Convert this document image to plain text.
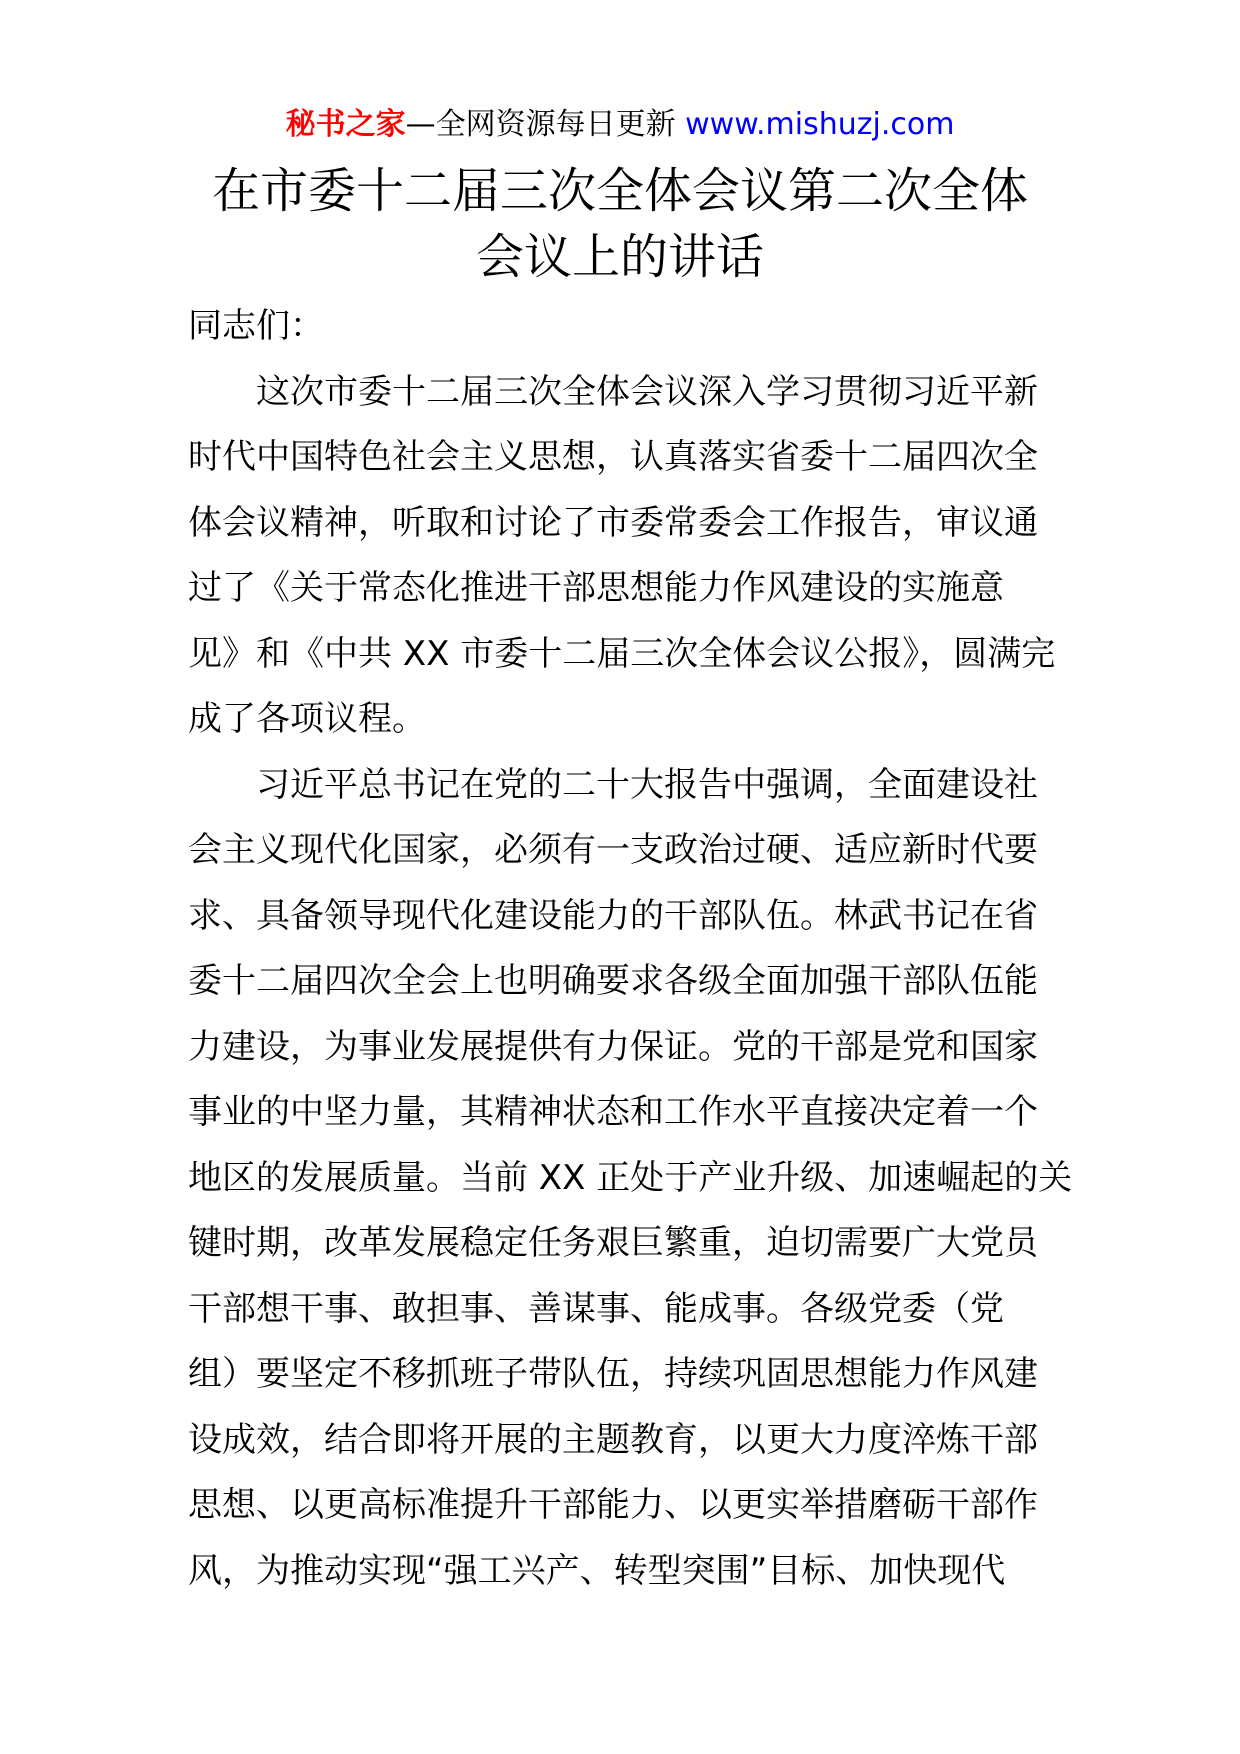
秘书之家—全网资源每日更新 www.mishuzj.com
在市委十二届三次全体会议第二次全体
会议上的讲话
同志们：
这次市委十二届三次全体会议深入学习贯彻习近平新
时代中国特色社会主义思想，认真落实省委十二届四次全
体会议精神，听取和讨论了市委常委会工作报告，审议通
过了《关于常态化推进干部思想能力作风建设的实施意
见》和《中共 XX 市委十二届三次全体会议公报》，圆满完
成了各项议程。
习近平总书记在党的二十大报告中强调，全面建设社
会主义现代化国家，必须有一支政治过硬、适应新时代要
求、具备领导现代化建设能力的干部队伍。林武书记在省
委十二届四次全会上也明确要求各级全面加强干部队伍能
力建设，为事业发展提供有力保证。党的干部是党和国家
事业的中坚力量，其精神状态和工作水平直接决定着一个
地区的发展质量。当前 XX 正处于产业升级、加速崛起的关
键时期，改革发展稳定任务艰巨繁重，迫切需要广大党员
干部想干事、敢担事、善谋事、能成事。各级党委（党
组）要坚定不移抓班子带队伍，持续巩固思想能力作风建
设成效，结合即将开展的主题教育，以更大力度淬炼干部
思想、以更高标准提升干部能力、以更实举措磨砺干部作
风，为推动实现“强工兴产、转型突围”目标、加快现代
